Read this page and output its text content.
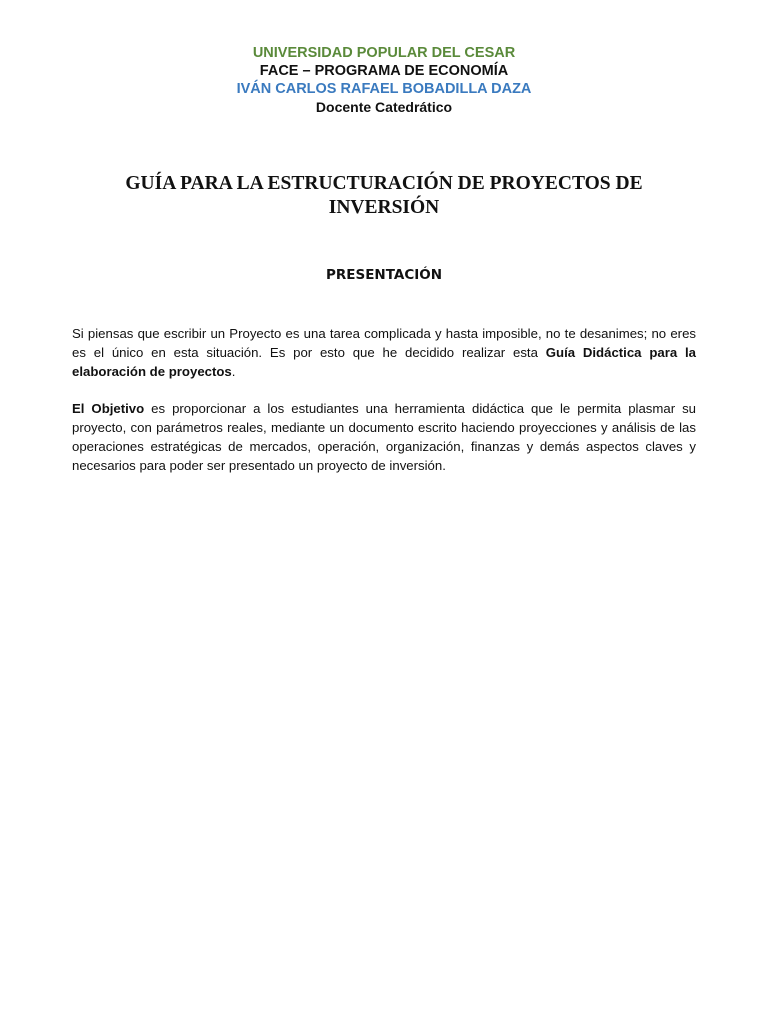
UNIVERSIDAD POPULAR DEL CESAR
FACE – PROGRAMA DE ECONOMÍA
IVÁN CARLOS RAFAEL BOBADILLA DAZA
Docente Catedrático
GUÍA PARA LA ESTRUCTURACIÓN DE PROYECTOS DE INVERSIÓN
PRESENTACIÓN

Si piensas que escribir un Proyecto es una tarea complicada y hasta imposible, no te desanimes; no eres es el único en esta situación. Es por esto que he decidido realizar esta Guía Didáctica para la elaboración de proyectos.

El Objetivo es proporcionar a los estudiantes una herramienta didáctica que le permita plasmar su proyecto, con parámetros reales, mediante un documento escrito haciendo proyecciones y análisis de las operaciones estratégicas de mercados, operación, organización, finanzas y demás aspectos claves y necesarios para poder ser presentado un proyecto de inversión.
